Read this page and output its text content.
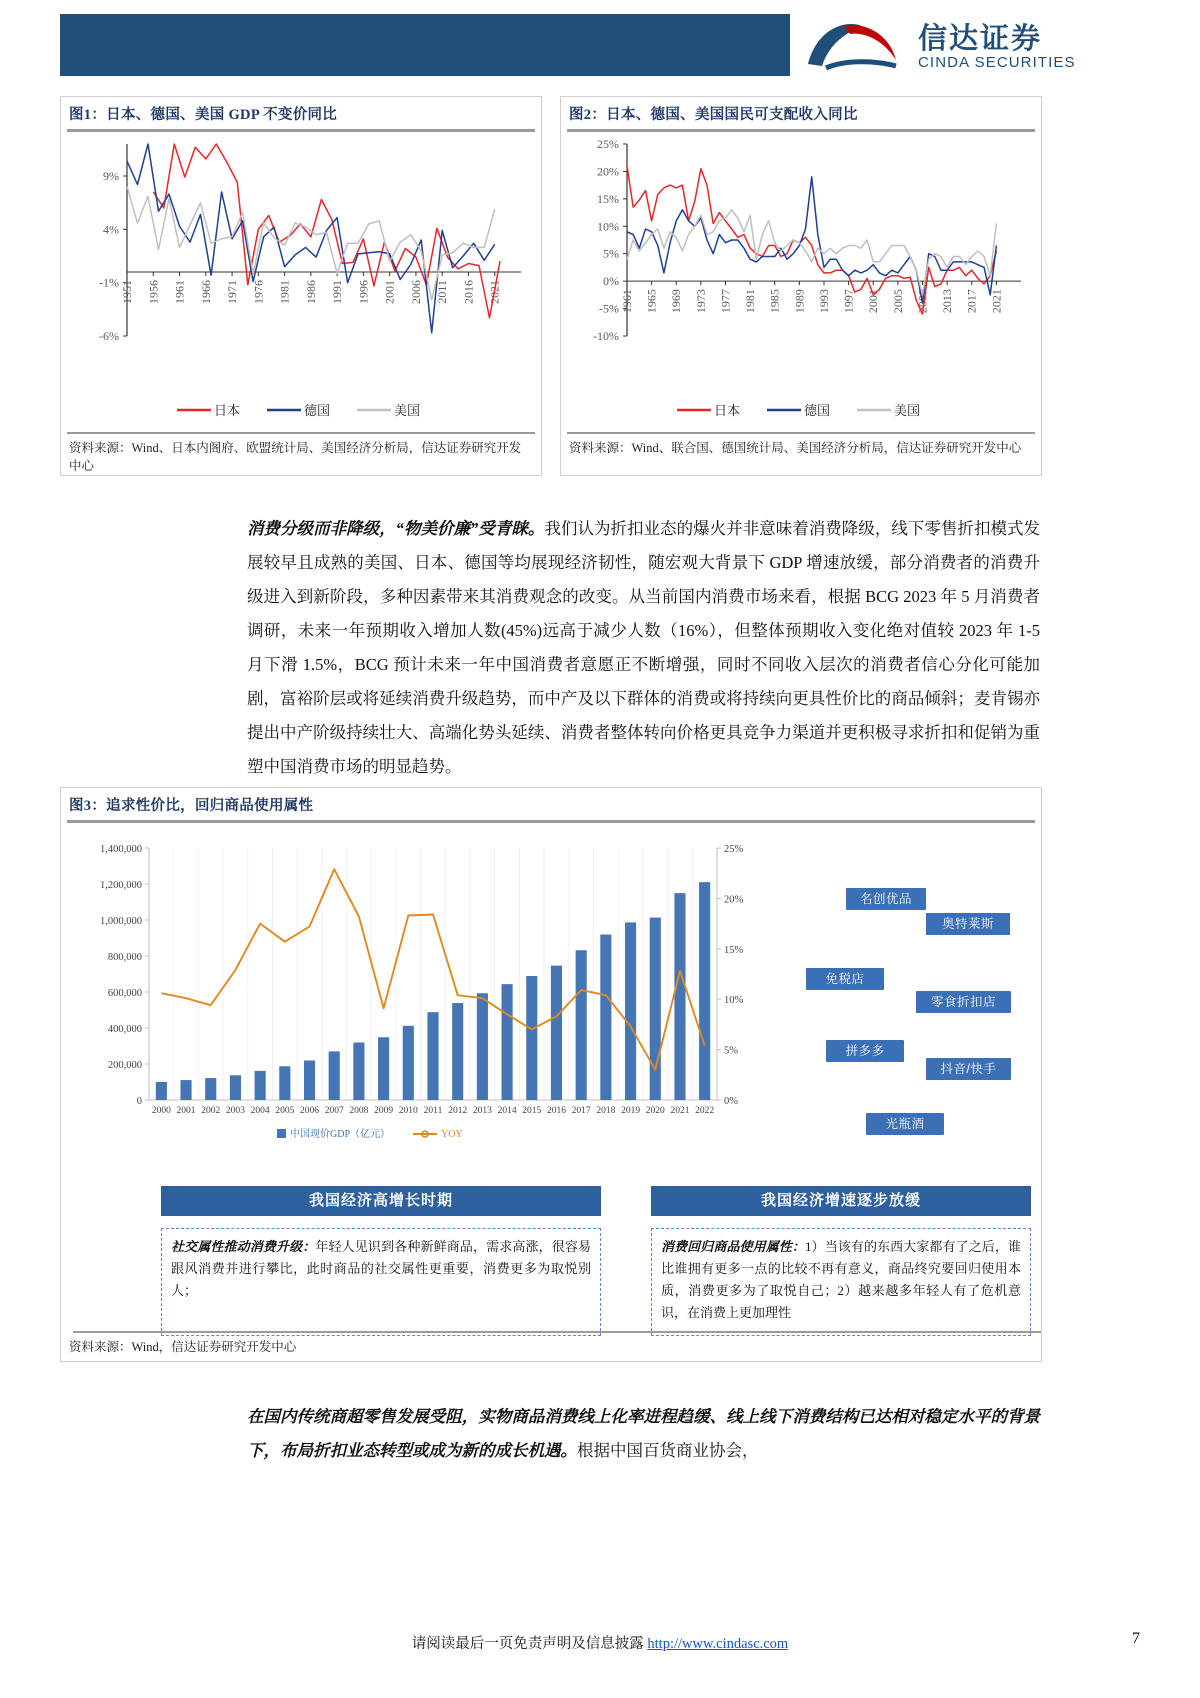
信达证券
CINDA SECURITIES
图1：日本、德国、美国 GDP 不变价同比
-6%
-1%
4%
9%
1951 1956 1961 1966 1971 1976 1981 1986 1991 1996 2001 2006 2011 2016 2021
日本	德国	美国
资料来源：Wind、日本内阁府、欧盟统计局、美国经济分析局，信达证券研究开发中心
图2：日本、德国、美国国民可支配收入同比
-10%
-5%
0%
5%
10%
15%
20%
25%
1961 1965 1969 1973 1977 1981 1985 1989 1993 1997 2001 2005 2009 2013 2017 2021
日本	德国	美国
资料来源：Wind、联合国、德国统计局、美国经济分析局，信达证券研究开发中心
消费分级而非降级，“物美价廉”受青睐。我们认为折扣业态的爆火并非意味着消费降级，线下零售折扣模式发展较早且成熟的美国、日本、德国等均展现经济韧性，随宏观大背景下 GDP 增速放缓，部分消费者的消费升级进入到新阶段，多种因素带来其消费观念的改变。从当前国内消费市场来看，根据 BCG 2023 年 5 月消费者调研，未来一年预期收入增加人数(45%)远高于减少人数（16%），但整体预期收入变化绝对值较 2023 年 1-5 月下滑 1.5%，BCG 预计未来一年中国消费者意愿正不断增强，同时不同收入层次的消费者信心分化可能加剧，富裕阶层或将延续消费升级趋势，而中产及以下群体的消费或将持续向更具性价比的商品倾斜；麦肯锡亦提出中产阶级持续壮大、高端化势头延续、消费者整体转向价格更具竞争力渠道并更积极寻求折扣和促销为重塑中国消费市场的明显趋势。
图3：追求性价比，回归商品使用属性
0
200,000
400,000
600,000
800,000
1,000,000
1,200,000
1,400,000
0%
5%
10%
15%
20%
25%
2000 2001 2002 2003 2004 2005 2006 2007 2008 2009 2010 2011 2012 2013 2014 2015 2016 2017 2018 2019 2020 2021 2022
中国现价GDP（亿元）	YOY
名创优品
奥特莱斯
免税店
零食折扣店
拼多多
抖音/快手
光瓶酒
我国经济高增长时期	我国经济增速逐步放缓
社交属性推动消费升级：年轻人见识到各种新鲜商品，需求高涨，很容易跟风消费并进行攀比，此时商品的社交属性更重要，消费更多为取悦别人；
消费回归商品使用属性：1）当该有的东西大家都有了之后，谁比谁拥有更多一点的比较不再有意义，商品终究要回归使用本质，消费更多为了取悦自己；2）越来越多年轻人有了危机意识，在消费上更加理性
资料来源：Wind，信达证券研究开发中心
在国内传统商超零售发展受阻，实物商品消费线上化率进程趋缓、线上线下消费结构已达相对稳定水平的背景下，布局折扣业态转型或成为新的成长机遇。根据中国百货商业协会，
请阅读最后一页免责声明及信息披露 http://www.cindasc.com	7
